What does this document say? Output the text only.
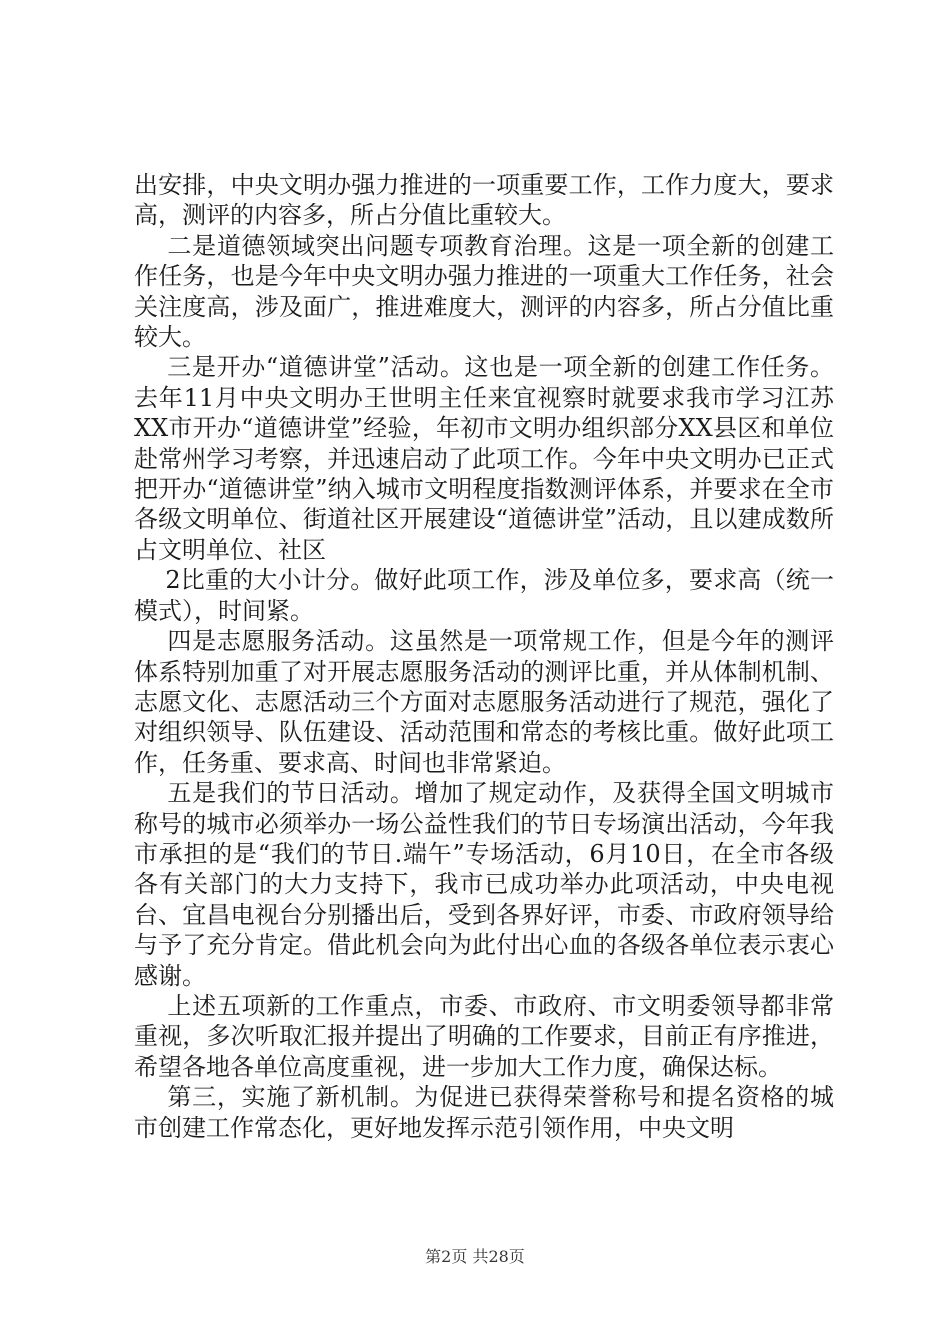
出安排，中央文明办强力推进的一项重要工作，工作力度大，要求高，测评的内容多，所占分值比重较大。

二是道德领域突出问题专项教育治理。这是一项全新的创建工作任务，也是今年中央文明办强力推进的一项重大工作任务，社会关注度高，涉及面广，推进难度大，测评的内容多，所占分值比重较大。

三是开办“道德讲堂”活动。这也是一项全新的创建工作任务。去年11月中央文明办王世明主任来宜视察时就要求我市学习江苏XX市开办“道德讲堂”经验，年初市文明办组织部分XX县区和单位赴常州学习考察，并迅速启动了此项工作。今年中央文明办已正式把开办“道德讲堂”纳入城市文明程度指数测评体系，并要求在全市各级文明单位、街道社区开展建设“道德讲堂”活动，且以建成数所占文明单位、社区

2比重的大小计分。做好此项工作，涉及单位多，要求高（统一模式），时间紧。

四是志愿服务活动。这虽然是一项常规工作，但是今年的测评体系特别加重了对开展志愿服务活动的测评比重，并从体制机制、志愿文化、志愿活动三个方面对志愿服务活动进行了规范，强化了对组织领导、队伍建设、活动范围和常态的考核比重。做好此项工作，任务重、要求高、时间也非常紧迫。

五是我们的节日活动。增加了规定动作，及获得全国文明城市称号的城市必须举办一场公益性我们的节日专场演出活动，今年我市承担的是“我们的节日.端午”专场活动，6月10日，在全市各级各有关部门的大力支持下，我市已成功举办此项活动，中央电视台、宜昌电视台分别播出后，受到各界好评，市委、市政府领导给与予了充分肯定。借此机会向为此付出心血的各级各单位表示衷心感谢。

上述五项新的工作重点，市委、市政府、市文明委领导都非常重视，多次听取汇报并提出了明确的工作要求，目前正有序推进，希望各地各单位高度重视，进一步加大工作力度，确保达标。

第三，实施了新机制。为促进已获得荣誉称号和提名资格的城市创建工作常态化，更好地发挥示范引领作用，中央文明

第2页 共28页
